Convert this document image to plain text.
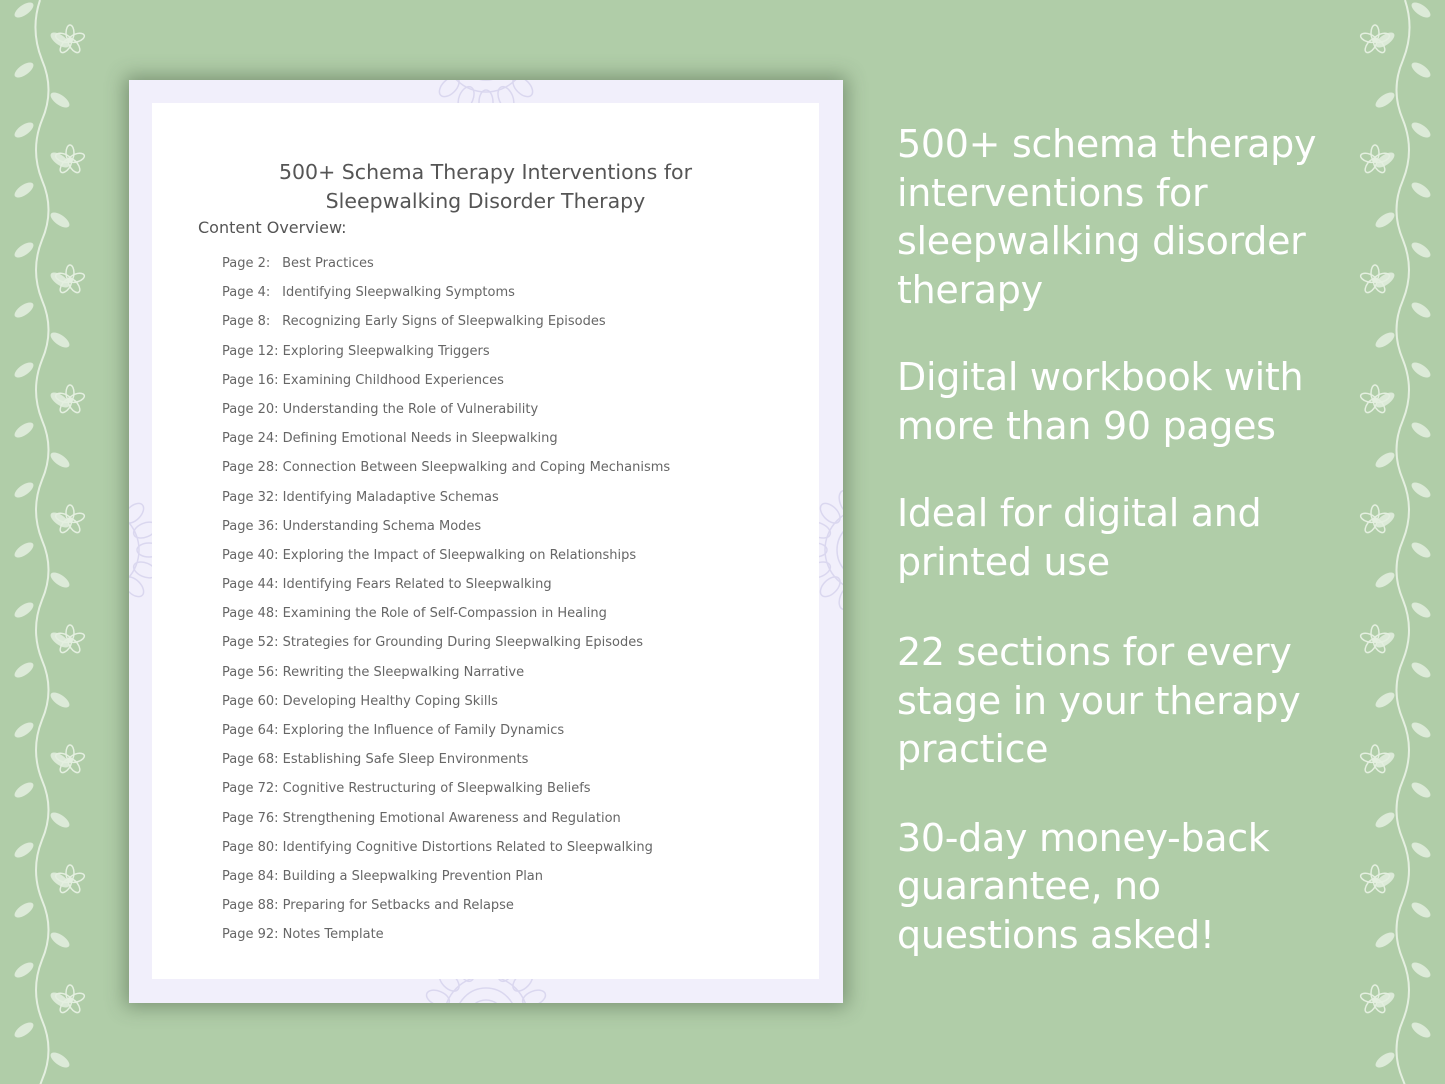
500+ Schema Therapy Interventions for
Sleepwalking Disorder Therapy

Content Overview:

Page 2: Best Practices
Page 4: Identifying Sleepwalking Symptoms
Page 8: Recognizing Early Signs of Sleepwalking Episodes
Page 12: Exploring Sleepwalking Triggers
Page 16: Examining Childhood Experiences
Page 20: Understanding the Role of Vulnerability
Page 24: Defining Emotional Needs in Sleepwalking
Page 28: Connection Between Sleepwalking and Coping Mechanisms
Page 32: Identifying Maladaptive Schemas
Page 36: Understanding Schema Modes
Page 40: Exploring the Impact of Sleepwalking on Relationships
Page 44: Identifying Fears Related to Sleepwalking
Page 48: Examining the Role of Self-Compassion in Healing
Page 52: Strategies for Grounding During Sleepwalking Episodes
Page 56: Rewriting the Sleepwalking Narrative
Page 60: Developing Healthy Coping Skills
Page 64: Exploring the Influence of Family Dynamics
Page 68: Establishing Safe Sleep Environments
Page 72: Cognitive Restructuring of Sleepwalking Beliefs
Page 76: Strengthening Emotional Awareness and Regulation
Page 80: Identifying Cognitive Distortions Related to Sleepwalking
Page 84: Building a Sleepwalking Prevention Plan
Page 88: Preparing for Setbacks and Relapse
Page 92: Notes Template
500+ schema therapy
interventions for
sleepwalking disorder
therapy
Digital workbook with
more than 90 pages
Ideal for digital and
printed use
22 sections for every
stage in your therapy
practice
30-day money-back
guarantee, no
questions asked!
